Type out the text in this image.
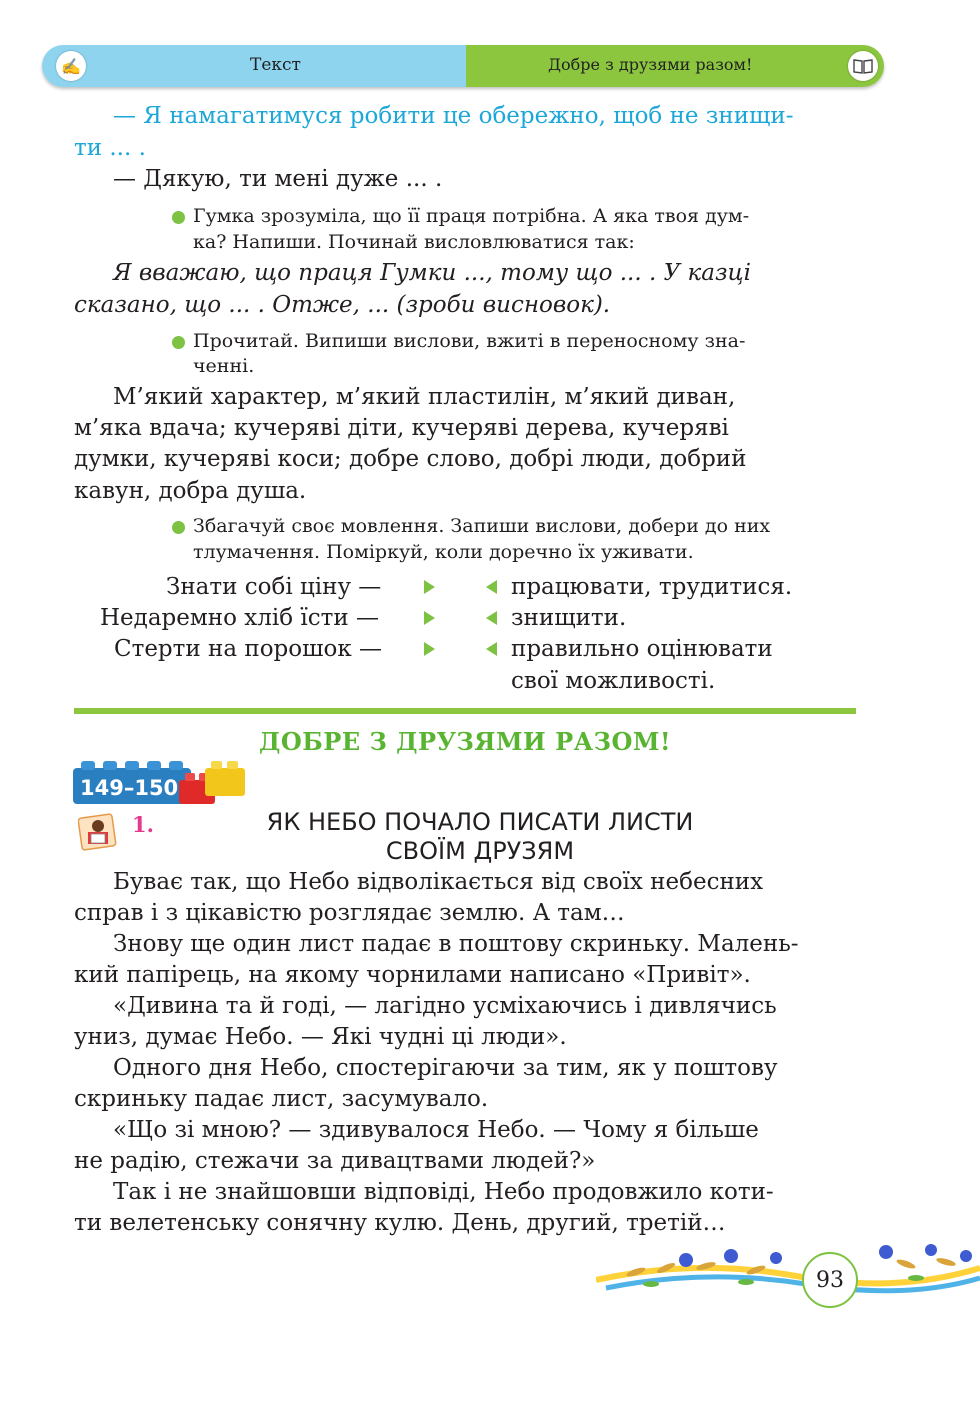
✍	Текст	Добре з друзями разом!
— Я намагатимуся робити це обережно, щоб не знищи-
ти ... .
— Дякую, ти мені дуже ... .
Гумка зрозуміла, що її праця потрібна. А яка твоя дум-
ка? Напиши. Починай висловлюватися так:
Я вважаю, що праця Гумки ..., тому що ... . У казці
сказано, що ... . Отже, ... (зроби висновок).
Прочитай. Випиши вислови, вжиті в переносному зна-
ченні.
М’який характер, м’який пластилін, м’який диван,
м’яка вдача; кучеряві діти, кучеряві дерева, кучеряві
думки, кучеряві коси; добре слово, добрі люди, добрий
кавун, добра душа.
Збагачуй своє мовлення. Запиши вислови, добери до них
тлумачення. Поміркуй, коли доречно їх уживати.
Знати собі ціну —	працювати, трудитися.
Недаремно хліб їсти —	знищити.
Стерти на порошок —	правильно оцінювати
свої можливості.
ДОБРЕ З ДРУЗЯМИ РАЗОМ!
149–150
1.	ЯК НЕБО ПОЧАЛО ПИСАТИ ЛИСТИ
СВОЇМ ДРУЗЯМ
Буває так, що Небо відволікається від своїх небесних
справ і з цікавістю розглядає землю. А там…
Знову ще один лист падає в поштову скриньку. Малень-
кий папірець, на якому чорнилами написано «Привіт».
«Дивина та й годі, — лагідно усміхаючись і дивлячись
униз, думає Небо. — Які чудні ці люди».
Одного дня Небо, спостерігаючи за тим, як у поштову
скриньку падає лист, засумувало.
«Що зі мною? — здивувалося Небо. — Чому я більше
не радію, стежачи за дивацтвами людей?»
Так і не знайшовши відповіді, Небо продовжило коти-
ти велетенську сонячну кулю. День, другий, третій…
93
